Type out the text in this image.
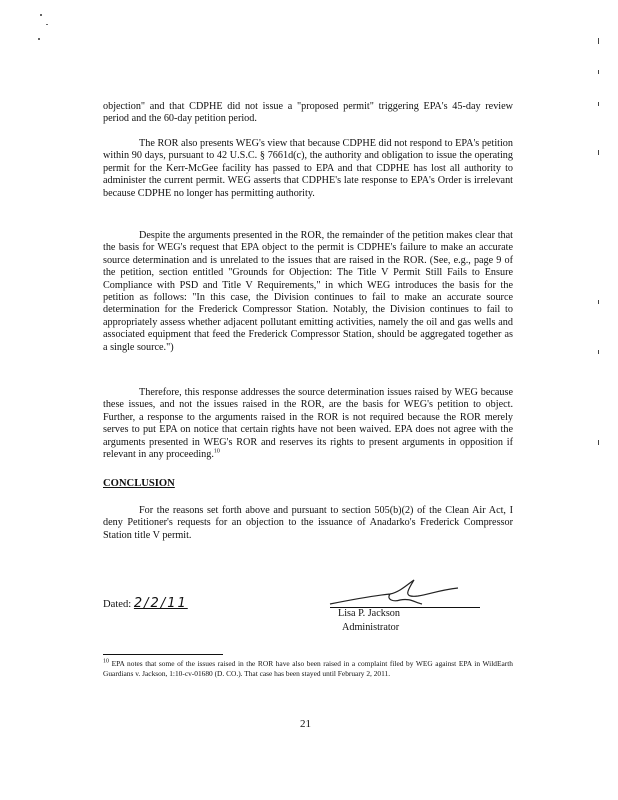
objection" and that CDPHE did not issue a "proposed permit" triggering EPA's 45-day review period and the 60-day petition period.

The ROR also presents WEG's view that because CDPHE did not respond to EPA's petition within 90 days, pursuant to 42 U.S.C. § 7661d(c), the authority and obligation to issue the operating permit for the Kerr-McGee facility has passed to EPA and that CDPHE has lost all authority to administer the current permit. WEG asserts that CDPHE's late response to EPA's Order is irrelevant because CDPHE no longer has permitting authority.

Despite the arguments presented in the ROR, the remainder of the petition makes clear that the basis for WEG's request that EPA object to the permit is CDPHE's failure to make an accurate source determination and is unrelated to the issues that are raised in the ROR. (See, e.g., page 9 of the petition, section entitled "Grounds for Objection: The Title V Permit Still Fails to Ensure Compliance with PSD and Title V Requirements," in which WEG introduces the basis for the petition as follows: "In this case, the Division continues to fail to make an accurate source determination for the Frederick Compressor Station. Notably, the Division continues to fail to appropriately assess whether adjacent pollutant emitting activities, namely the oil and gas wells and associated equipment that feed the Frederick Compressor Station, should be aggregated together as a single source.")

Therefore, this response addresses the source determination issues raised by WEG because these issues, and not the issues raised in the ROR, are the basis for WEG's petition to object. Further, a response to the arguments raised in the ROR is not required because the ROR merely serves to put EPA on notice that certain rights have not been waived. EPA does not agree with the arguments presented in WEG's ROR and reserves its rights to present arguments in opposition if relevant in any proceeding.$^{10}$

CONCLUSION

For the reasons set forth above and pursuant to section 505(b)(2) of the Clean Air Act, I deny Petitioner's requests for an objection to the issuance of Anadarko's Frederick Compressor Station title V permit.

Dated: 2/2/11
Lisa P. Jackson
Administrator

$^{10}$ EPA notes that some of the issues raised in the ROR have also been raised in a complaint filed by WEG against EPA in WildEarth Guardians v. Jackson, 1:10-cv-01680 (D. CO.). That case has been stayed until February 2, 2011.

21
